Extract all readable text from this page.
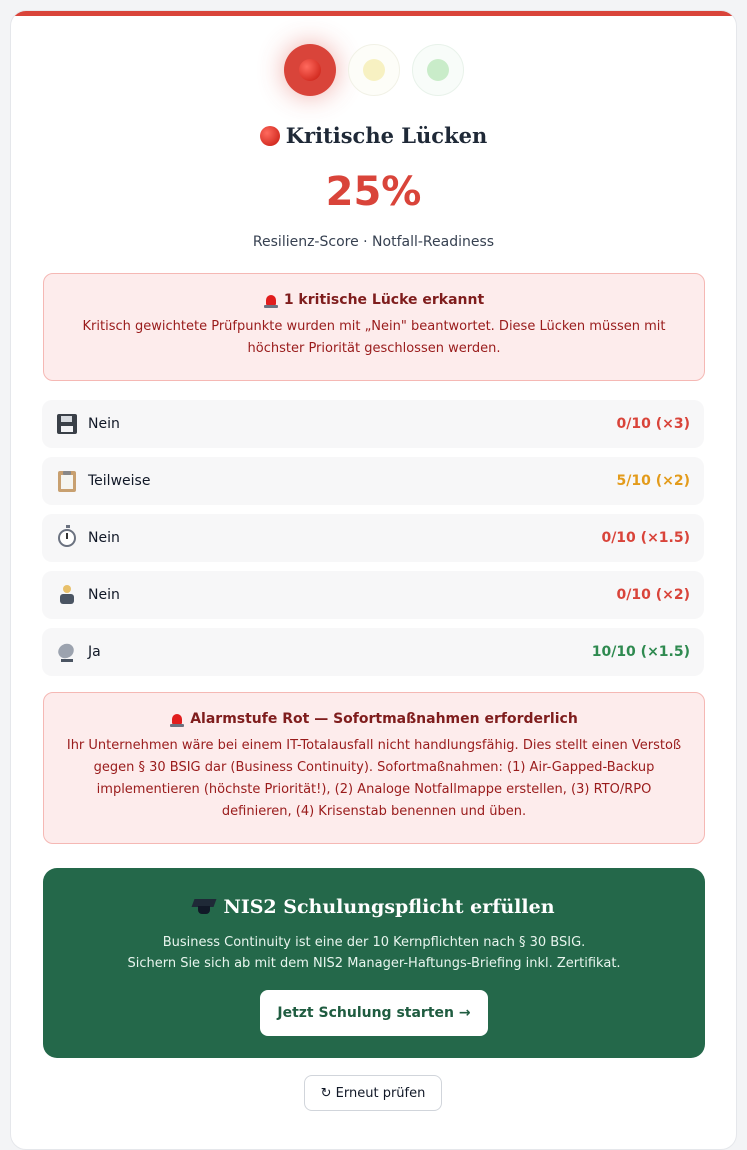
Kritische Lücken
25%
Resilienz-Score · Notfall-Readiness
1 kritische Lücke erkannt
Kritisch gewichtete Prüfpunkte wurden mit „Nein" beantwortet. Diese Lücken müssen mit höchster Priorität geschlossen werden.
Nein	0/10 (×3)
Teilweise	5/10 (×2)
Nein	0/10 (×1.5)
Nein	0/10 (×2)
Ja	10/10 (×1.5)
Alarmstufe Rot — Sofortmaßnahmen erforderlich
Ihr Unternehmen wäre bei einem IT-Totalausfall nicht handlungsfähig. Dies stellt einen Verstoß gegen § 30 BSIG dar (Business Continuity). Sofortmaßnahmen: (1) Air-Gapped-Backup implementieren (höchste Priorität!), (2) Analoge Notfallmappe erstellen, (3) RTO/RPO definieren, (4) Krisenstab benennen und üben.
NIS2 Schulungspflicht erfüllen
Business Continuity ist eine der 10 Kernpflichten nach § 30 BSIG.
Sichern Sie sich ab mit dem NIS2 Manager-Haftungs-Briefing inkl. Zertifikat.
Jetzt Schulung starten →
↻ Erneut prüfen
